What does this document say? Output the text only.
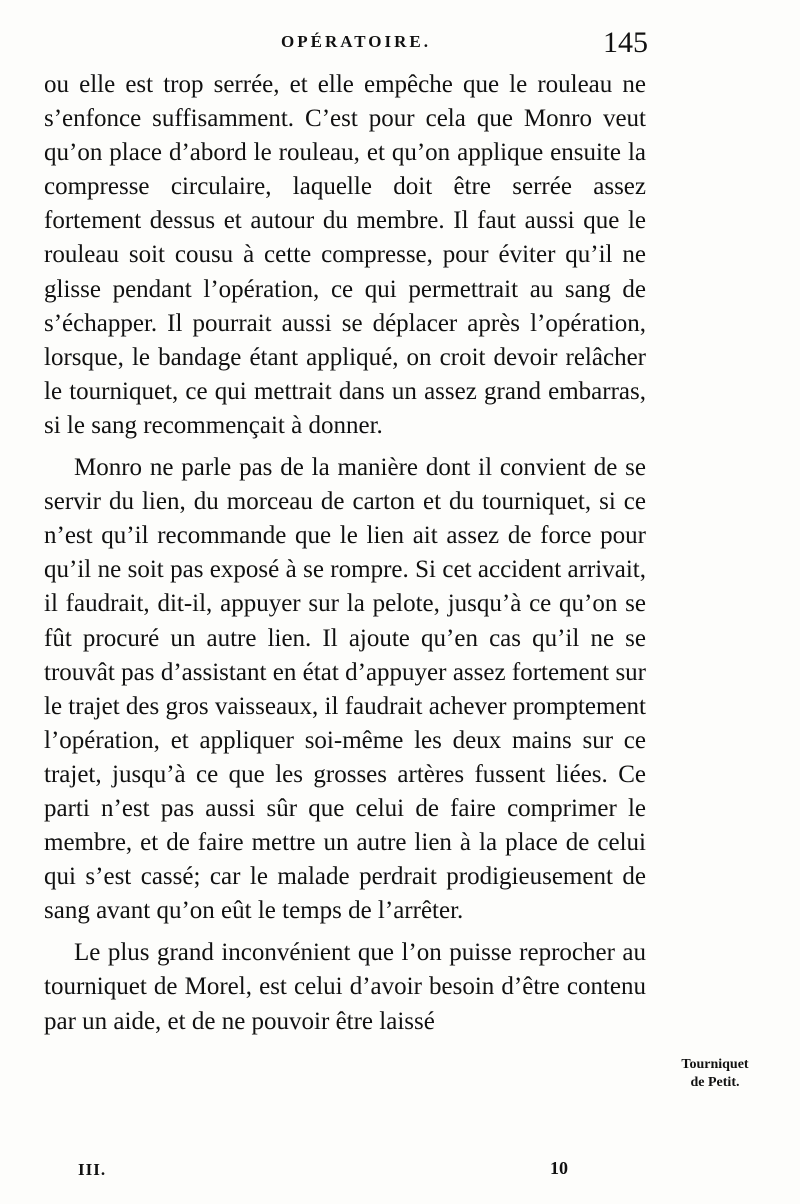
OPÉRATOIRE.	145

ou elle est trop serrée, et elle empêche que le rouleau ne s’enfonce suffisamment. C’est pour cela que Monro veut qu’on place d’abord le rouleau, et qu’on applique ensuite la compresse circulaire, laquelle doit être serrée assez fortement dessus et autour du membre. Il faut aussi que le rouleau soit cousu à cette compresse, pour éviter qu’il ne glisse pendant l’opération, ce qui permettrait au sang de s’échapper. Il pourrait aussi se déplacer après l’opération, lorsque, le bandage étant appliqué, on croit devoir relâcher le tourniquet, ce qui mettrait dans un assez grand embarras, si le sang recommençait à donner.

Monro ne parle pas de la manière dont il convient de se servir du lien, du morceau de carton et du tourniquet, si ce n’est qu’il recommande que le lien ait assez de force pour qu’il ne soit pas exposé à se rompre. Si cet accident arrivait, il faudrait, dit-il, appuyer sur la pelote, jusqu’à ce qu’on se fût procuré un autre lien. Il ajoute qu’en cas qu’il ne se trouvât pas d’assistant en état d’appuyer assez fortement sur le trajet des gros vaisseaux, il faudrait achever promptement l’opération, et appliquer soi-même les deux mains sur ce trajet, jusqu’à ce que les grosses artères fussent liées. Ce parti n’est pas aussi sûr que celui de faire comprimer le membre, et de faire mettre un autre lien à la place de celui qui s’est cassé; car le malade perdrait prodigieusement de sang avant qu’on eût le temps de l’arrêter.

Le plus grand inconvénient que l’on puisse reprocher au tourniquet de Morel, est celui d’avoir besoin d’être contenu par un aide, et de ne pouvoir être laissé

Tourniquet
de Petit.
III.	10
